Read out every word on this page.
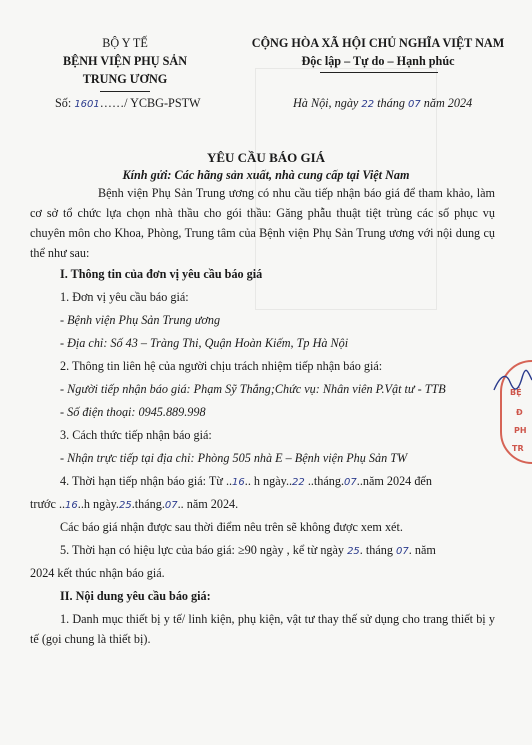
BỘ Y TẾ
BỆNH VIỆN PHỤ SẢN
TRUNG ƯƠNG
Số: 1601……/ YCBG-PSTW
CỘNG HÒA XÃ HỘI CHỦ NGHĨA VIỆT NAM
Độc lập – Tự do – Hạnh phúc
Hà Nội, ngày 22 tháng 07 năm 2024
YÊU CẦU BÁO GIÁ
Kính gửi: Các hãng sản xuất, nhà cung cấp tại Việt Nam
Bệnh viện Phụ Sản Trung ương có nhu cầu tiếp nhận báo giá để tham khảo, làm cơ sở tổ chức lựa chọn nhà thầu cho gói thầu: Găng phẫu thuật tiệt trùng các số phục vụ chuyên môn cho Khoa, Phòng, Trung tâm của Bệnh viện Phụ Sản Trung ương với nội dung cụ thể như sau:
I. Thông tin của đơn vị yêu cầu báo giá
1. Đơn vị yêu cầu báo giá:
- Bệnh viện Phụ Sản Trung ương
- Địa chỉ: Số 43 – Tràng Thi, Quận Hoàn Kiếm, Tp Hà Nội
2. Thông tin liên hệ của người chịu trách nhiệm tiếp nhận báo giá:
- Người tiếp nhận báo giá: Phạm Sỹ Thắng;Chức vụ: Nhân viên P.Vật tư - TTB
- Số điện thoại: 0945.889.998
3. Cách thức tiếp nhận báo giá:
- Nhận trực tiếp tại địa chỉ: Phòng 505 nhà E – Bệnh viện Phụ Sản TW
4. Thời hạn tiếp nhận báo giá: Từ ..16.. h ngày..22 ..tháng.07..năm 2024 đến
trước ..16..h ngày.25.tháng.07.. năm 2024.
Các báo giá nhận được sau thời điểm nêu trên sẽ không được xem xét.
5. Thời hạn có hiệu lực của báo giá: ≥90 ngày , kể từ ngày 25. tháng 07. năm
2024 kết thúc nhận báo giá.
II. Nội dung yêu cầu báo giá:
1. Danh mục thiết bị y tế/ linh kiện, phụ kiện, vật tư thay thế sử dụng cho trang thiết bị y tế (gọi chung là thiết bị).
BỆ
Đ
PH
TR
